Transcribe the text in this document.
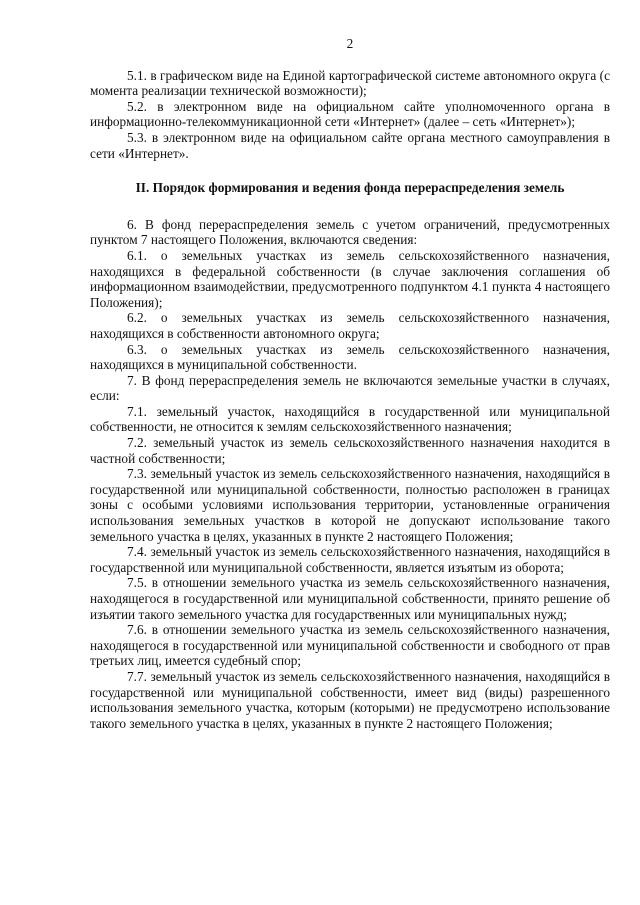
2

5.1. в графическом виде на Единой картографической системе автономного округа (с момента реализации технической возможности);

5.2. в электронном виде на официальном сайте уполномоченного органа в информационно-телекоммуникационной сети «Интернет» (далее – сеть «Интернет»);

5.3. в электронном виде на официальном сайте органа местного самоуправления в сети «Интернет».

II. Порядок формирования и ведения фонда перераспределения земель

6. В фонд перераспределения земель с учетом ограничений, предусмотренных пунктом 7 настоящего Положения, включаются сведения:

6.1. о земельных участках из земель сельскохозяйственного назначения, находящихся в федеральной собственности (в случае заключения соглашения об информационном взаимодействии, предусмотренного подпунктом 4.1 пункта 4 настоящего Положения);

6.2. о земельных участках из земель сельскохозяйственного назначения, находящихся в собственности автономного округа;

6.3. о земельных участках из земель сельскохозяйственного назначения, находящихся в муниципальной собственности.

7. В фонд перераспределения земель не включаются земельные участки в случаях, если:

7.1. земельный участок, находящийся в государственной или муниципальной собственности, не относится к землям сельскохозяйственного назначения;

7.2. земельный участок из земель сельскохозяйственного назначения находится в частной собственности;

7.3. земельный участок из земель сельскохозяйственного назначения, находящийся в государственной или муниципальной собственности, полностью расположен в границах зоны с особыми условиями использования территории, установленные ограничения использования земельных участков в которой не допускают использование такого земельного участка в целях, указанных в пункте 2 настоящего Положения;

7.4. земельный участок из земель сельскохозяйственного назначения, находящийся в государственной или муниципальной собственности, является изъятым из оборота;

7.5. в отношении земельного участка из земель сельскохозяйственного назначения, находящегося в государственной или муниципальной собственности, принято решение об изъятии такого земельного участка для государственных или муниципальных нужд;

7.6. в отношении земельного участка из земель сельскохозяйственного назначения, находящегося в государственной или муниципальной собственности и свободного от прав третьих лиц, имеется судебный спор;

7.7. земельный участок из земель сельскохозяйственного назначения, находящийся в государственной или муниципальной собственности, имеет вид (виды) разрешенного использования земельного участка, которым (которыми) не предусмотрено использование такого земельного участка в целях, указанных в пункте 2 настоящего Положения;
